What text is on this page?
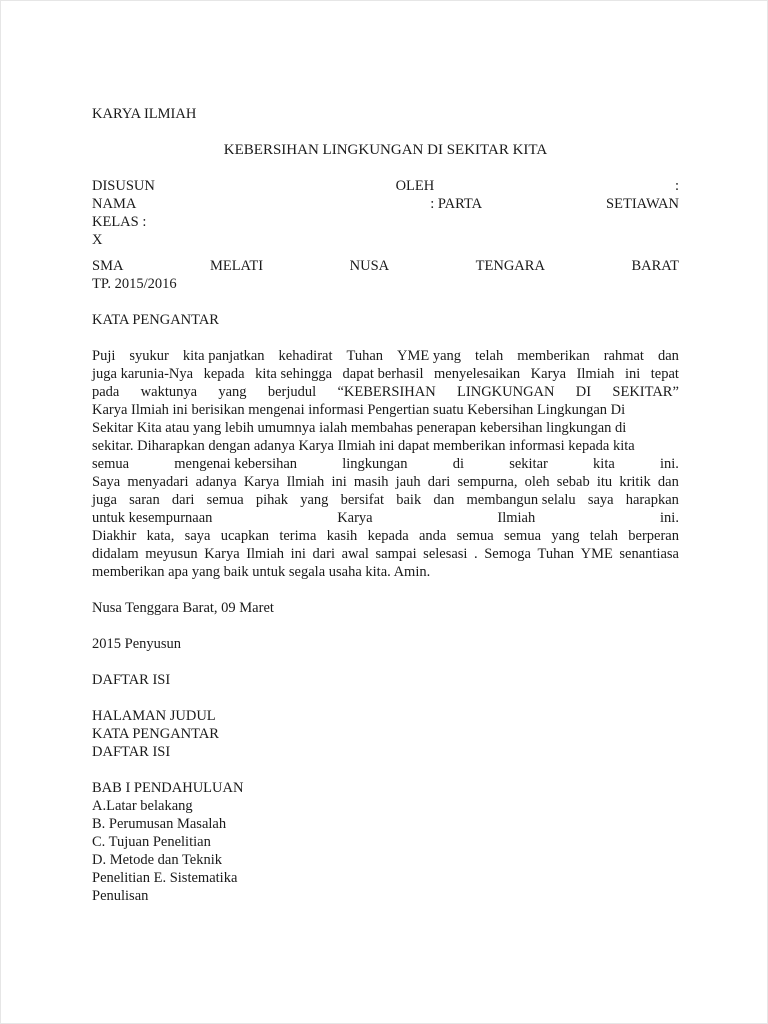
KARYA ILMIAH
KEBERSIHAN LINGKUNGAN DI SEKITAR KITA
DISUSUN	OLEH	:
NAMA	: PARTA	SETIAWAN
KELAS :
X
SMA	MELATI	NUSA	TENGARA	BARAT
TP. 2015/2016
KATA PENGANTAR
Puji syukur kita panjatkan kehadirat Tuhan YME yang telah memberikan rahmat dan
juga karunia-Nya kepada kita sehingga dapat berhasil menyelesaikan Karya Ilmiah ini tepat
pada waktunya yang berjudul “KEBERSIHAN LINGKUNGAN DI SEKITAR”
Karya Ilmiah ini berisikan mengenai informasi Pengertian suatu Kebersihan Lingkungan Di
Sekitar Kita atau yang lebih umumnya ialah membahas penerapan kebersihan lingkungan di
sekitar. Diharapkan dengan adanya Karya Ilmiah ini dapat memberikan informasi kepada kita
semua	mengenai kebersihan	lingkungan	di	sekitar	kita	ini.
Saya menyadari adanya Karya Ilmiah ini masih jauh dari sempurna, oleh sebab itu kritik dan
juga saran dari semua pihak yang bersifat baik dan membangun selalu saya harapkan
untuk kesempurnaan	Karya	Ilmiah	ini.
Diakhir kata, saya ucapkan terima kasih kepada anda semua semua yang telah berperan
didalam meyusun Karya Ilmiah ini dari awal sampai selesasi . Semoga Tuhan YME senantiasa
memberikan apa yang baik untuk segala usaha kita. Amin.
Nusa Tenggara Barat, 09 Maret
2015 Penyusun
DAFTAR ISI
HALAMAN JUDUL
KATA PENGANTAR
DAFTAR ISI
BAB I PENDAHULUAN
A.Latar belakang
B. Perumusan Masalah
C. Tujuan Penelitian
D. Metode dan Teknik
Penelitian E. Sistematika
Penulisan
